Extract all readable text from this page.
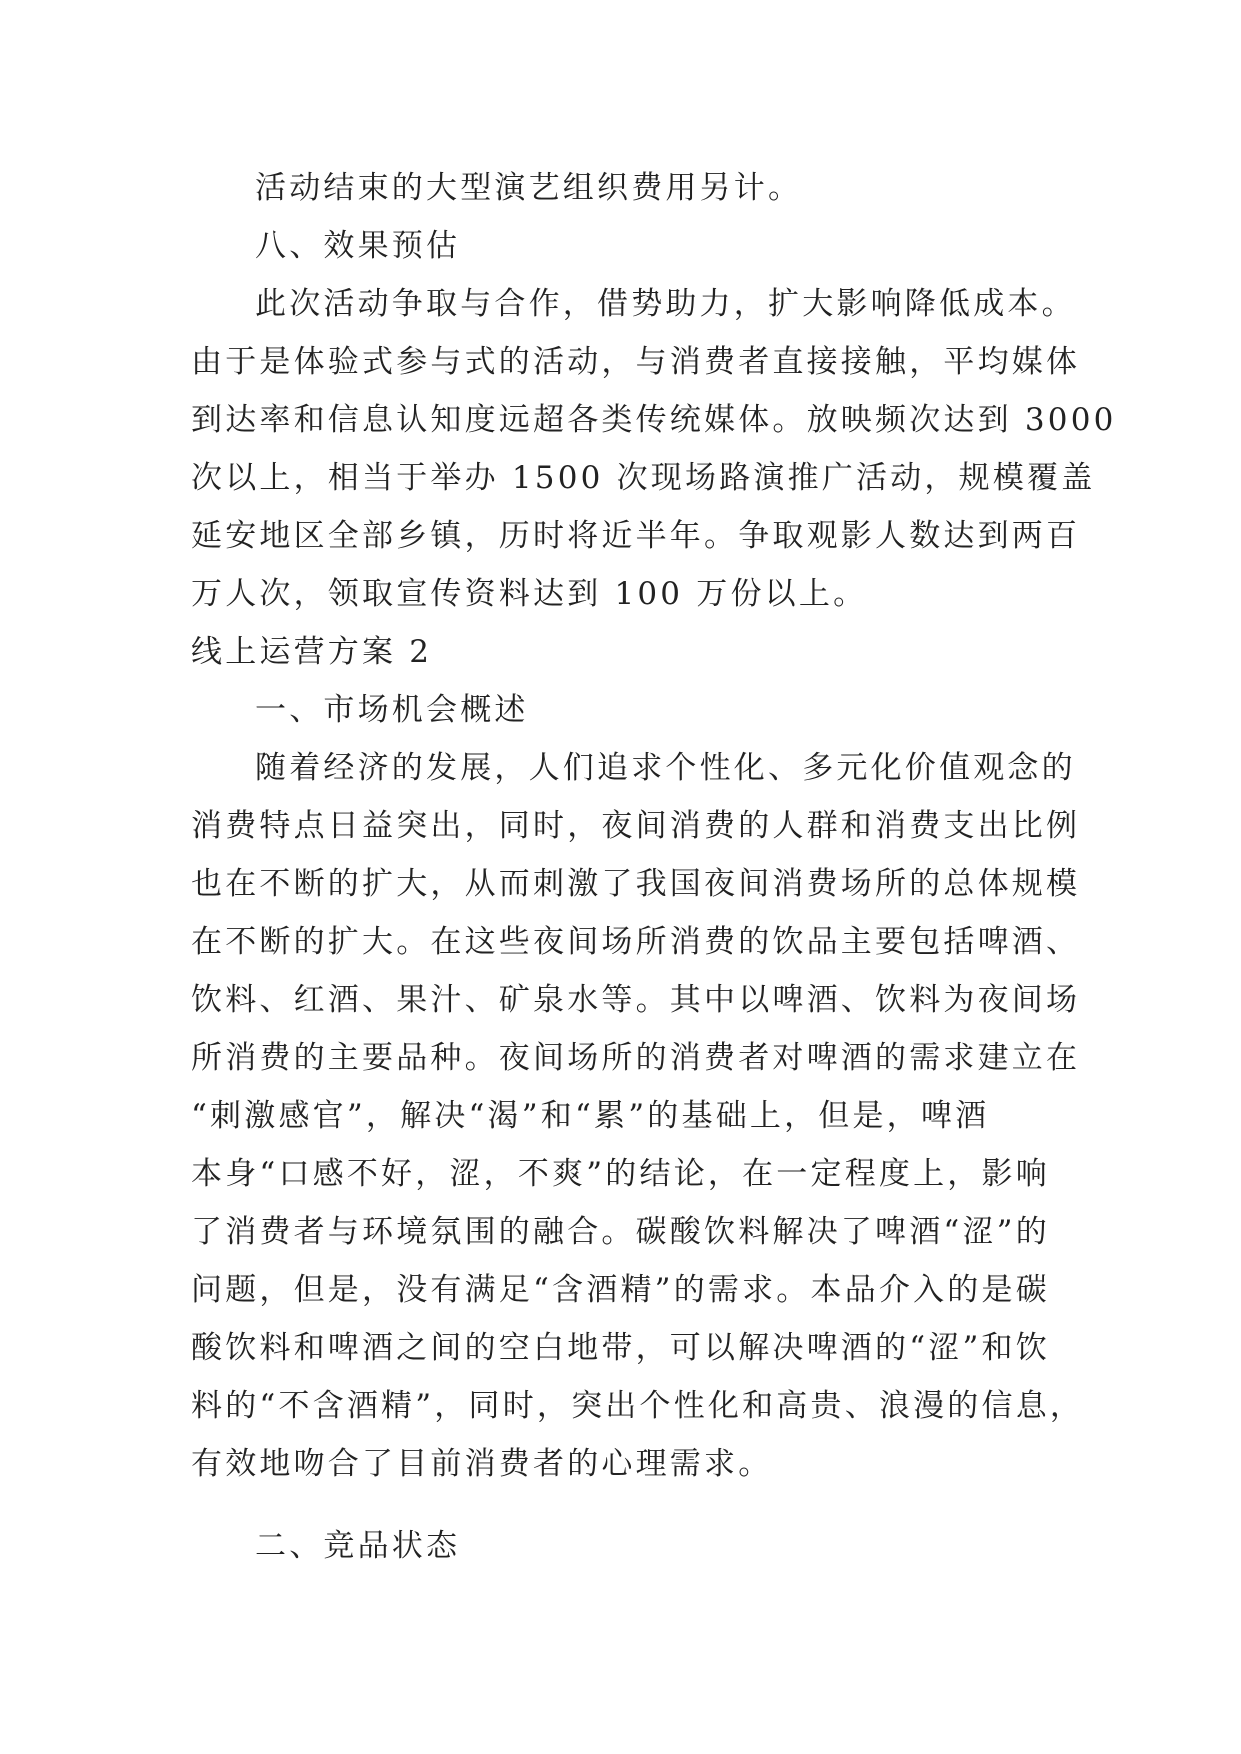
活动结束的大型演艺组织费用另计。

八、效果预估

此次活动争取与合作，借势助力，扩大影响降低成本。

由于是体验式参与式的活动，与消费者直接接触，平均媒体

到达率和信息认知度远超各类传统媒体。放映频次达到 3000

次以上，相当于举办 1500 次现场路演推广活动，规模覆盖

延安地区全部乡镇，历时将近半年。争取观影人数达到两百

万人次，领取宣传资料达到 100 万份以上。

线上运营方案 2

一、市场机会概述

随着经济的发展，人们追求个性化、多元化价值观念的

消费特点日益突出，同时，夜间消费的人群和消费支出比例

也在不断的扩大，从而刺激了我国夜间消费场所的总体规模

在不断的扩大。在这些夜间场所消费的饮品主要包括啤酒、

饮料、红酒、果汁、矿泉水等。其中以啤酒、饮料为夜间场

所消费的主要品种。夜间场所的消费者对啤酒的需求建立在

“刺激感官”，解决“渴”和“累”的基础上，但是，啤酒

本身“口感不好，涩，不爽”的结论，在一定程度上，影响

了消费者与环境氛围的融合。碳酸饮料解决了啤酒“涩”的

问题，但是，没有满足“含酒精”的需求。本品介入的是碳

酸饮料和啤酒之间的空白地带，可以解决啤酒的“涩”和饮

料的“不含酒精”，同时，突出个性化和高贵、浪漫的信息，

有效地吻合了目前消费者的心理需求。

二、竞品状态
